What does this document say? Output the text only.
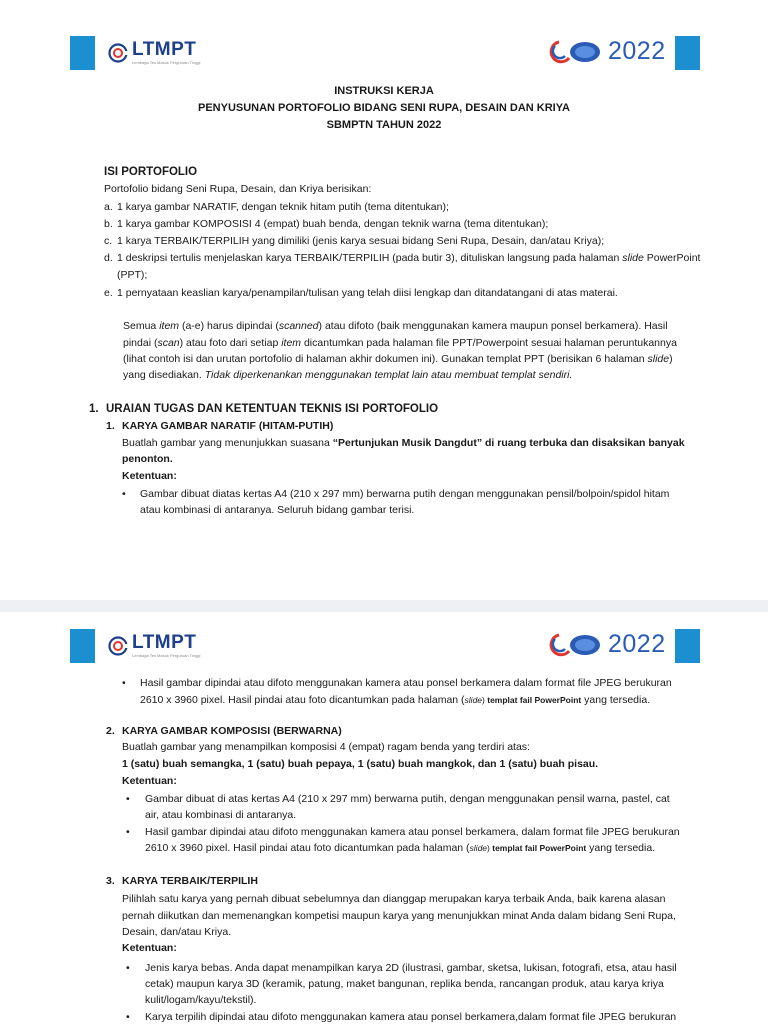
LTMPT
Lembaga Tes Masuk Perguruan Tinggi	2022
INSTRUKSI KERJA
PENYUSUNAN PORTOFOLIO BIDANG SENI RUPA, DESAIN DAN KRIYA
SBMPTN TAHUN 2022
ISI PORTOFOLIO
Portofolio bidang Seni Rupa, Desain, dan Kriya berisikan:
a. 1 karya gambar NARATIF, dengan teknik hitam putih (tema ditentukan);
b. 1 karya gambar KOMPOSISI 4 (empat) buah benda, dengan teknik warna (tema ditentukan);
c. 1 karya TERBAIK/TERPILIH yang dimiliki (jenis karya sesuai bidang Seni Rupa, Desain, dan/atau Kriya);
d. 1 deskripsi tertulis menjelaskan karya TERBAIK/TERPILIH (pada butir 3), dituliskan langsung pada halaman slide PowerPoint
(PPT);
e. 1 pernyataan keaslian karya/penampilan/tulisan yang telah diisi lengkap dan ditandatangani di atas materai.
Semua item (a-e) harus dipindai (scanned) atau difoto (baik menggunakan kamera maupun ponsel berkamera). Hasil
pindai (scan) atau foto dari setiap item dicantumkan pada halaman file PPT/Powerpoint sesuai halaman peruntukannya
(lihat contoh isi dan urutan portofolio di halaman akhir dokumen ini). Gunakan templat PPT (berisikan 6 halaman slide)
yang disediakan. Tidak diperkenankan menggunakan templat lain atau membuat templat sendiri.
1. URAIAN TUGAS DAN KETENTUAN TEKNIS ISI PORTOFOLIO
1. KARYA GAMBAR NARATIF (HITAM-PUTIH)
Buatlah gambar yang menunjukkan suasana “Pertunjukan Musik Dangdut” di ruang terbuka dan disaksikan banyak
penonton.
Ketentuan:
• Gambar dibuat diatas kertas A4 (210 x 297 mm) berwarna putih dengan menggunakan pensil/bolpoin/spidol hitam
atau kombinasi di antaranya. Seluruh bidang gambar terisi.
LTMPT
Lembaga Tes Masuk Perguruan Tinggi	2022
• Hasil gambar dipindai atau difoto menggunakan kamera atau ponsel berkamera dalam format file JPEG berukuran
2610 x 3960 pixel. Hasil pindai atau foto dicantumkan pada halaman (slide) templat fail PowerPoint yang tersedia.
2. KARYA GAMBAR KOMPOSISI (BERWARNA)
Buatlah gambar yang menampilkan komposisi 4 (empat) ragam benda yang terdiri atas:
1 (satu) buah semangka, 1 (satu) buah pepaya, 1 (satu) buah mangkok, dan 1 (satu) buah pisau.
Ketentuan:
• Gambar dibuat di atas kertas A4 (210 x 297 mm) berwarna putih, dengan menggunakan pensil warna, pastel, cat
air, atau kombinasi di antaranya.
• Hasil gambar dipindai atau difoto menggunakan kamera atau ponsel berkamera, dalam format file JPEG berukuran
2610 x 3960 pixel. Hasil pindai atau foto dicantumkan pada halaman (slide) templat fail PowerPoint yang tersedia.
3. KARYA TERBAIK/TERPILIH
Pilihlah satu karya yang pernah dibuat sebelumnya dan dianggap merupakan karya terbaik Anda, baik karena alasan
pernah diikutkan dan memenangkan kompetisi maupun karya yang menunjukkan minat Anda dalam bidang Seni Rupa,
Desain, dan/atau Kriya.
Ketentuan:
• Jenis karya bebas. Anda dapat menampilkan karya 2D (ilustrasi, gambar, sketsa, lukisan, fotografi, etsa, atau hasil
cetak) maupun karya 3D (keramik, patung, maket bangunan, replika benda, rancangan produk, atau karya kriya
kulit/logam/kayu/tekstil).
• Karya terpilih dipindai atau difoto menggunakan kamera atau ponsel berkamera,dalam format file JPEG berukuran
